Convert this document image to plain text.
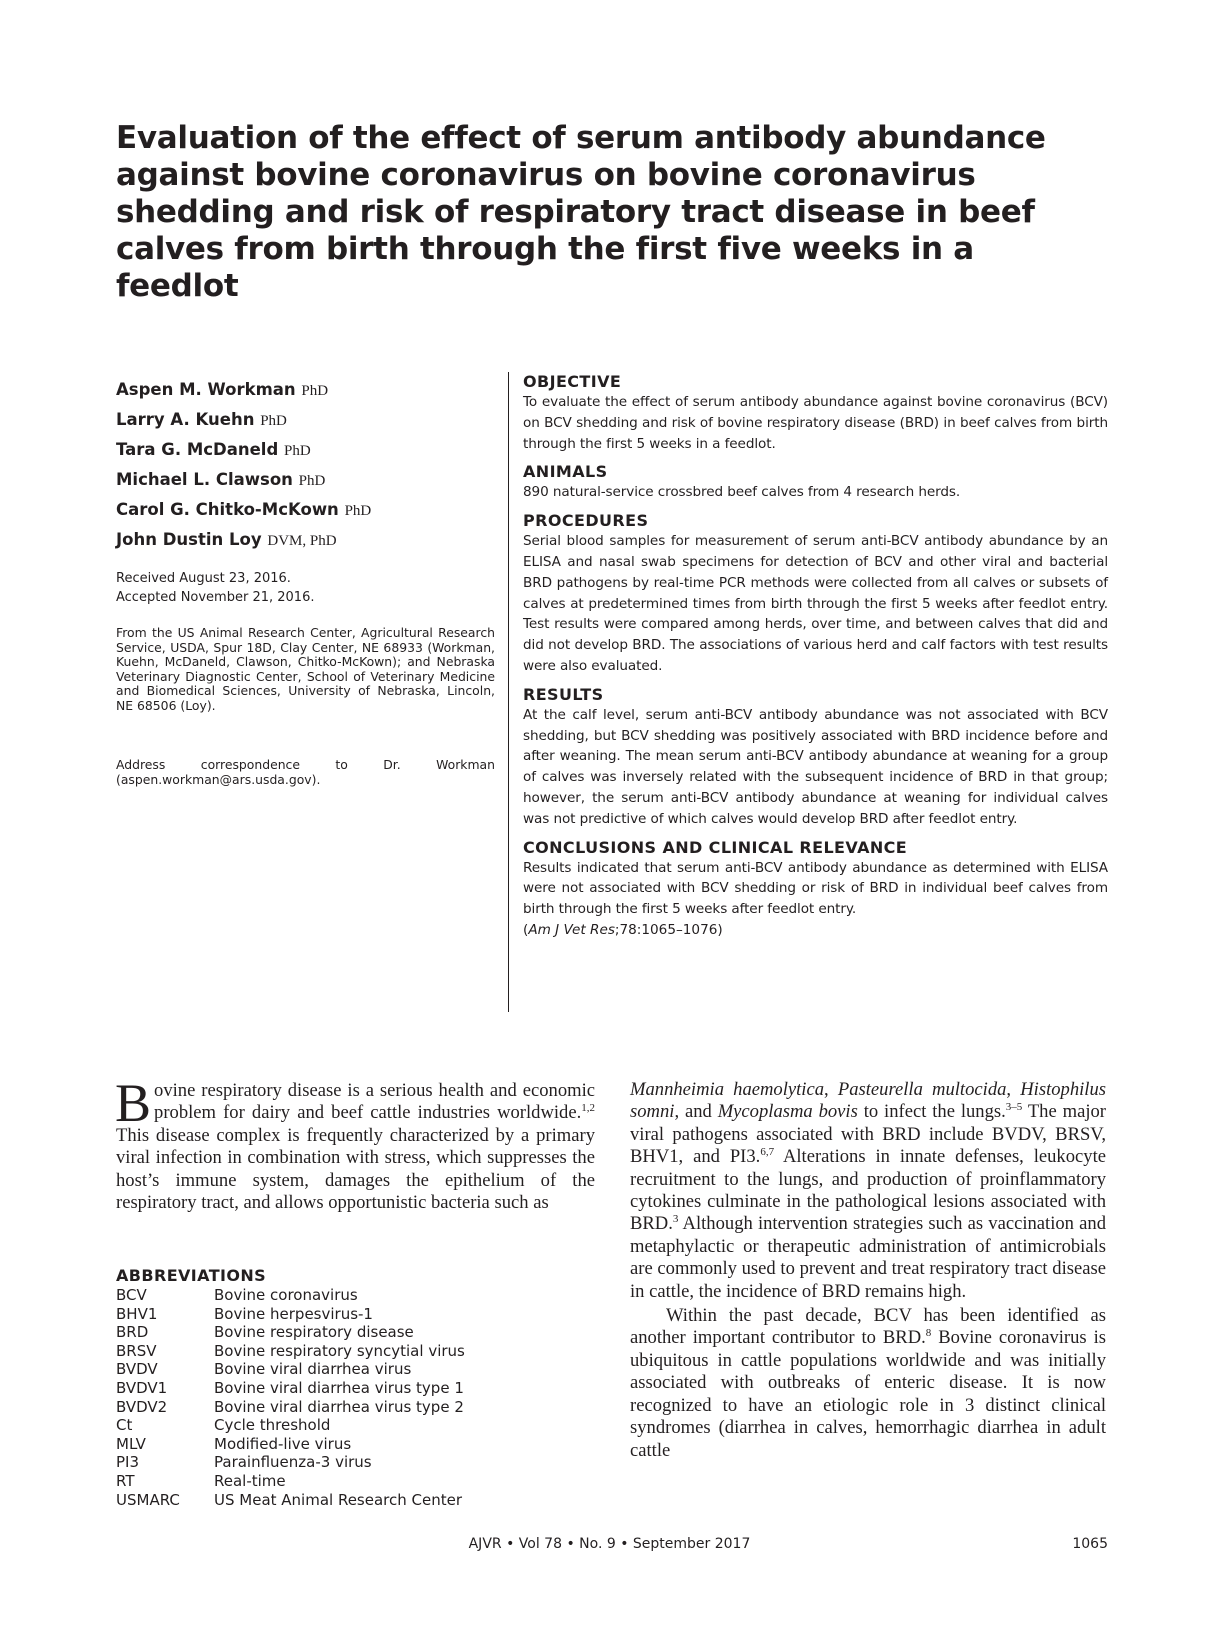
Evaluation of the effect of serum antibody abundance against bovine coronavirus on bovine coronavirus shedding and risk of respiratory tract disease in beef calves from birth through the first five weeks in a feedlot
Aspen M. Workman PhD
Larry A. Kuehn PhD
Tara G. McDaneld PhD
Michael L. Clawson PhD
Carol G. Chitko-McKown PhD
John Dustin Loy DVM, PhD
Received August 23, 2016.
Accepted November 21, 2016.

From the US Animal Research Center, Agricultural Research Service, USDA, Spur 18D, Clay Center, NE 68933 (Workman, Kuehn, McDaneld, Clawson, Chitko-McKown); and Nebraska Veterinary Diagnostic Center, School of Veterinary Medicine and Biomedical Sciences, University of Nebraska, Lincoln, NE 68506 (Loy).

Address correspondence to Dr. Workman (aspen.workman@ars.usda.gov).

OBJECTIVE

To evaluate the effect of serum antibody abundance against bovine coronavirus (BCV) on BCV shedding and risk of bovine respiratory disease (BRD) in beef calves from birth through the first 5 weeks in a feedlot.

ANIMALS

890 natural-service crossbred beef calves from 4 research herds.

PROCEDURES

Serial blood samples for measurement of serum anti-BCV antibody abundance by an ELISA and nasal swab specimens for detection of BCV and other viral and bacterial BRD pathogens by real-time PCR methods were collected from all calves or subsets of calves at predetermined times from birth through the first 5 weeks after feedlot entry. Test results were compared among herds, over time, and between calves that did and did not develop BRD. The associations of various herd and calf factors with test results were also evaluated.

RESULTS

At the calf level, serum anti-BCV antibody abundance was not associated with BCV shedding, but BCV shedding was positively associated with BRD incidence before and after weaning. The mean serum anti-BCV antibody abundance at weaning for a group of calves was inversely related with the subsequent incidence of BRD in that group; however, the serum anti-BCV antibody abundance at weaning for individual calves was not predictive of which calves would develop BRD after feedlot entry.

CONCLUSIONS AND CLINICAL RELEVANCE

Results indicated that serum anti-BCV antibody abundance as determined with ELISA were not associated with BCV shedding or risk of BRD in individual beef calves from birth through the first 5 weeks after feedlot entry.

(Am J Vet Res;78:1065–1076)

Bovine respiratory disease is a serious health and economic problem for dairy and beef cattle industries worldwide.$^{1,2}$ This disease complex is frequently characterized by a primary viral infection in combination with stress, which suppresses the host’s immune system, damages the epithelium of the respiratory tract, and allows opportunistic bacteria such as

ABBREVIATIONS
BCV	Bovine coronavirus
BHV1	Bovine herpesvirus-1
BRD	Bovine respiratory disease
BRSV	Bovine respiratory syncytial virus
BVDV	Bovine viral diarrhea virus
BVDV1	Bovine viral diarrhea virus type 1
BVDV2	Bovine viral diarrhea virus type 2
Ct	Cycle threshold
MLV	Modified-live virus
PI3	Parainfluenza-3 virus
RT	Real-time
USMARC	US Meat Animal Research Center

Mannheimia haemolytica, Pasteurella multocida, Histophilus somni, and Mycoplasma bovis to infect the lungs.$^{3-5}$ The major viral pathogens associated with BRD include BVDV, BRSV, BHV1, and PI3.$^{6,7}$ Alterations in innate defenses, leukocyte recruitment to the lungs, and production of proinflammatory cytokines culminate in the pathological lesions associated with BRD.$^3$ Although intervention strategies such as vaccination and metaphylactic or therapeutic administration of antimicrobials are commonly used to prevent and treat respiratory tract disease in cattle, the incidence of BRD remains high.

Within the past decade, BCV has been identified as another important contributor to BRD.$^8$ Bovine coronavirus is ubiquitous in cattle populations worldwide and was initially associated with outbreaks of enteric disease. It is now recognized to have an etiologic role in 3 distinct clinical syndromes (diarrhea in calves, hemorrhagic diarrhea in adult cattle

AJVR • Vol 78 • No. 9 • September 2017	1065
